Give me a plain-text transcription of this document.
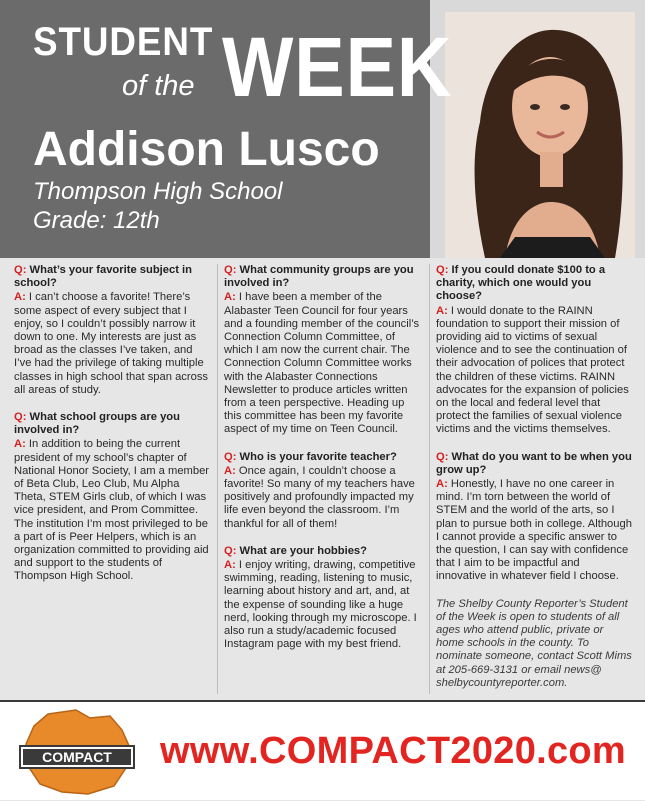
STUDENT
of the WEEK
Addison Lusco
Thompson High School
Grade: 12th

Q: What’s your favorite subject in school?

A: I can’t choose a favorite! There’s some aspect of every subject that I enjoy, so I couldn’t possibly narrow it down to one. My interests are just as broad as the classes I’ve taken, and I’ve had the privilege of taking multiple classes in high school that span across all areas of study.

Q: What school groups are you involved in?

A: In addition to being the current president of my school’s chapter of National Honor Society, I am a member of Beta Club, Leo Club, Mu Alpha Theta, STEM Girls club, of which I was vice president, and Prom Committee. The institution I’m most privileged to be a part of is Peer Helpers, which is an organization committed to providing aid and support to the students of Thompson High School.

Q: What community groups are you involved in?

A: I have been a member of the Alabaster Teen Council for four years and a founding member of the council’s Connection Column Committee, of which I am now the current chair. The Connection Column Committee works with the Alabaster Connections Newsletter to produce articles written from a teen perspective. Heading up this committee has been my favorite aspect of my time on Teen Council.

Q: Who is your favorite teacher?

A: Once again, I couldn’t choose a favorite! So many of my teachers have positively and profoundly impacted my life even beyond the classroom. I’m thankful for all of them!

Q: What are your hobbies?

A: I enjoy writing, drawing, competitive swimming, reading, listening to music, learning about history and art, and, at the expense of sounding like a huge nerd, looking through my microscope. I also run a study/academic focused Instagram page with my best friend.

Q: If you could donate $100 to a charity, which one would you choose?

A: I would donate to the RAINN foundation to support their mission of providing aid to victims of sexual violence and to see the continuation of their advocation of polices that protect the children of these victims. RAINN advocates for the expansion of policies on the local and federal level that protect the families of sexual violence victims and the victims themselves.

Q: What do you want to be when you grow up?

A: Honestly, I have no one career in mind. I’m torn between the world of STEM and the world of the arts, so I plan to pursue both in college. Although I cannot provide a specific answer to the question, I can say with confidence that I aim to be impactful and innovative in whatever field I choose.

The Shelby County Reporter’s Student of the Week is open to students of all ages who attend public, private or home schools in the county. To nominate someone, contact Scott Mims at 205-669-3131 or email news@ shelbycountyreporter.com.

COMPACT www.COMPACT2020.com
